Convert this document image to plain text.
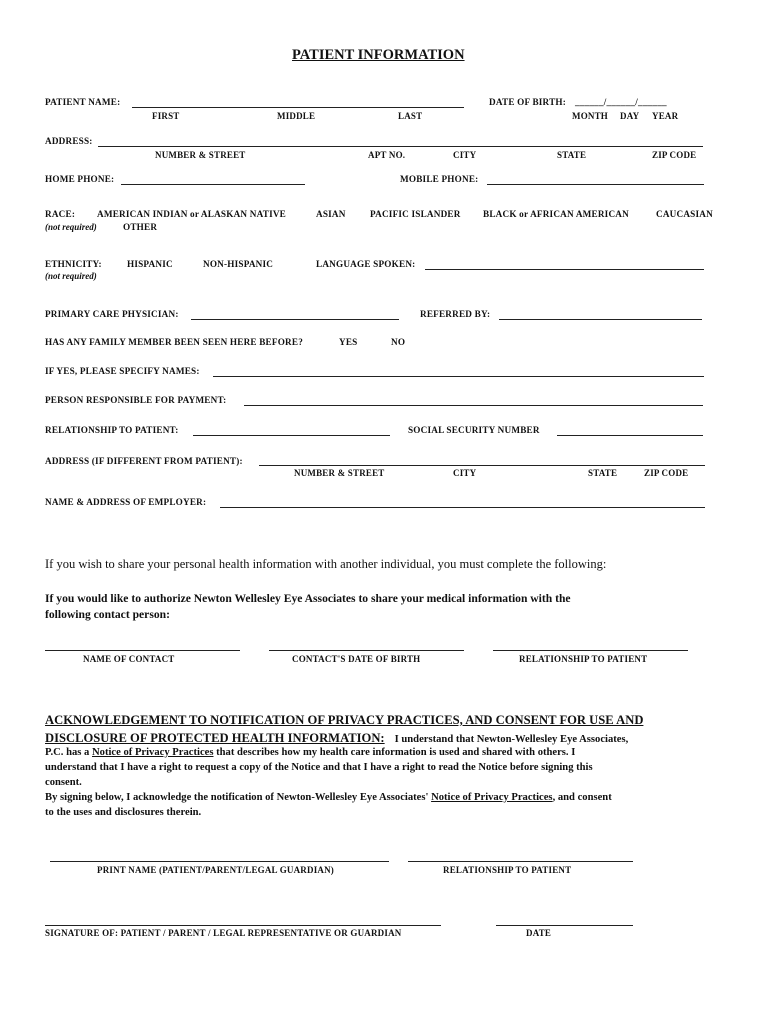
PATIENT INFORMATION
PATIENT NAME:
FIRST	MIDDLE	LAST
DATE OF BIRTH: ______/______/______
MONTH DAY YEAR
ADDRESS:
NUMBER & STREET	APT NO.	CITY	STATE	ZIP CODE
HOME PHONE:	MOBILE PHONE:
RACE:
(not required)
AMERICAN INDIAN or ALASKAN NATIVE	ASIAN	PACIFIC ISLANDER BLACK or AFRICAN AMERICAN	CAUCASIAN
OTHER
ETHNICITY:
(not required)
HISPANIC	NON-HISPANIC	LANGUAGE SPOKEN:
PRIMARY CARE PHYSICIAN:	REFERRED BY:
HAS ANY FAMILY MEMBER BEEN SEEN HERE BEFORE?	YES	NO
IF YES, PLEASE SPECIFY NAMES:
PERSON RESPONSIBLE FOR PAYMENT:
RELATIONSHIP TO PATIENT:	SOCIAL SECURITY NUMBER
ADDRESS (IF DIFFERENT FROM PATIENT):
NUMBER & STREET	CITY	STATE	ZIP CODE
NAME & ADDRESS OF EMPLOYER:
If you wish to share your personal health information with another individual, you must complete the following:
If you would like to authorize Newton Wellesley Eye Associates to share your medical information with the
following contact person:
NAME OF CONTACT	CONTACT'S DATE OF BIRTH	RELATIONSHIP TO PATIENT
ACKNOWLEDGEMENT TO NOTIFICATION OF PRIVACY PRACTICES, AND CONSENT FOR USE AND
DISCLOSURE OF PROTECTED HEALTH INFORMATION: I understand that Newton-Wellesley Eye Associates,
P.C. has a Notice of Privacy Practices that describes how my health care information is used and shared with others. I
understand that I have a right to request a copy of the Notice and that I have a right to read the Notice before signing this
consent.
By signing below, I acknowledge the notification of Newton-Wellesley Eye Associates' Notice of Privacy Practices, and consent
to the uses and disclosures therein.
PRINT NAME (PATIENT/PARENT/LEGAL GUARDIAN)	RELATIONSHIP TO PATIENT
SIGNATURE OF: PATIENT / PARENT / LEGAL REPRESENTATIVE OR GUARDIAN	DATE
